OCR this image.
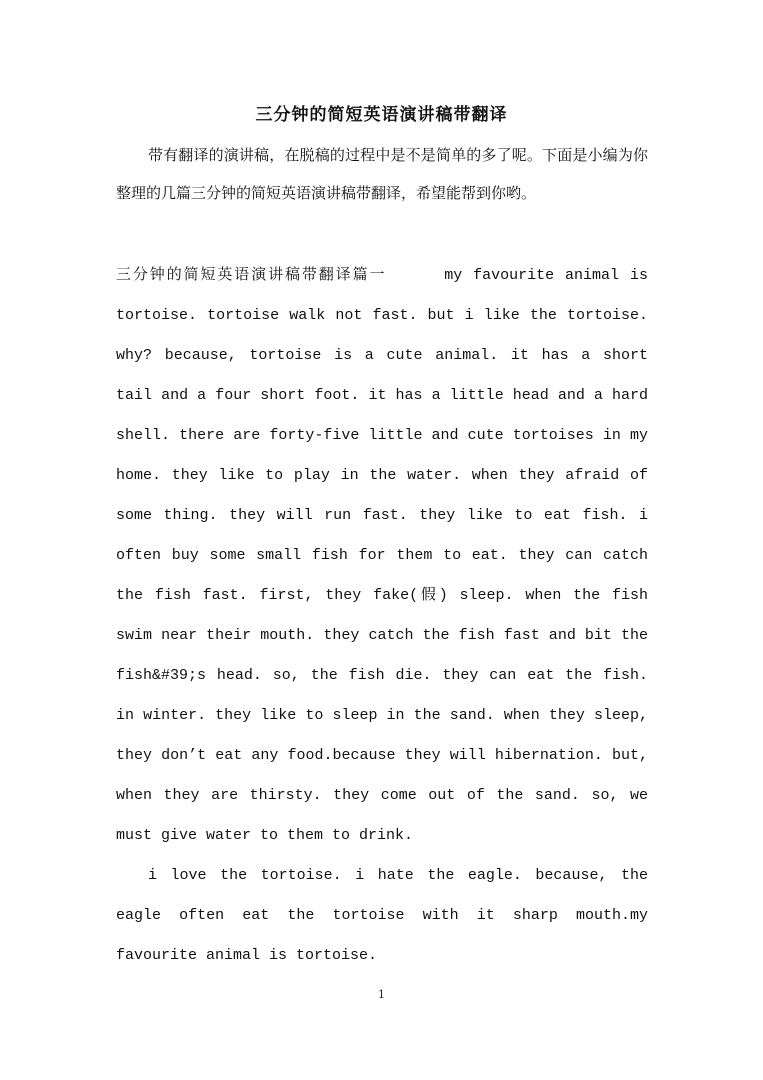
三分钟的简短英语演讲稿带翻译
带有翻译的演讲稿，在脱稿的过程中是不是简单的多了呢。下面是小编为你整理的几篇三分钟的简短英语演讲稿带翻译，希望能帮到你哟。
三分钟的简短英语演讲稿带翻译篇一	my favourite animal is tortoise. tortoise walk not fast. but i like the tortoise. why? because, tortoise is a cute animal. it has a short tail and a four short foot. it has a little head and a hard shell. there are forty-five little and cute tortoises in my home. they like to play in the water. when they afraid of some thing. they will run fast. they like to eat fish. i often buy some small fish for them to eat. they can catch the fish fast. first, they fake(假) sleep. when the fish swim near their mouth. they catch the fish fast and bit the fish&#39;s head. so, the fish die. they can eat the fish. in winter. they like to sleep in the sand. when they sleep, they don’t eat any food.because they will hibernation. but, when they are thirsty. they come out of the sand. so, we must give water to them to drink.
i love the tortoise. i hate the eagle. because, the eagle often eat the tortoise with it sharp mouth.my favourite animal is tortoise.
1
